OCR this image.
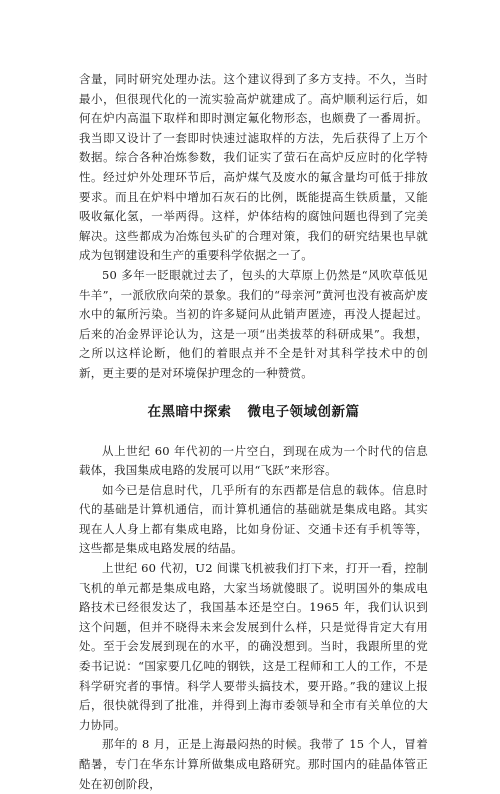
含量，同时研究处理办法。这个建议得到了多方支持。不久，当时最小，但很现代化的一流实验高炉就建成了。高炉顺利运行后，如何在炉内高温下取样和即时测定氟化物形态，也颇费了一番周折。我当即又设计了一套即时快速过滤取样的方法，先后获得了上万个数据。综合各种冶炼参数，我们证实了萤石在高炉反应时的化学特性。经过炉外处理环节后，高炉煤气及废水的氟含量均可低于排放要求。而且在炉料中增加石灰石的比例，既能提高生铁质量，又能吸收氟化氢，一举两得。这样，炉体结构的腐蚀问题也得到了完美解决。这些都成为冶炼包头矿的合理对策，我们的研究结果也早就成为包钢建设和生产的重要科学依据之一了。

50 多年一眨眼就过去了，包头的大草原上仍然是“风吹草低见牛羊”，一派欣欣向荣的景象。我们的“母亲河”黄河也没有被高炉废水中的氟所污染。当初的许多疑问从此销声匿迹，再没人提起过。后来的冶金界评论认为，这是一项“出类拔萃的科研成果”。我想，之所以这样论断，他们的着眼点并不全是针对其科学技术中的创新，更主要的是对环境保护理念的一种赞赏。

在黑暗中探索 微电子领域创新篇

从上世纪 60 年代初的一片空白，到现在成为一个时代的信息载体，我国集成电路的发展可以用“飞跃”来形容。

如今已是信息时代，几乎所有的东西都是信息的载体。信息时代的基础是计算机通信，而计算机通信的基础就是集成电路。其实现在人人身上都有集成电路，比如身份证、交通卡还有手机等等，这些都是集成电路发展的结晶。

上世纪 60 代初，U2 间谍飞机被我们打下来，打开一看，控制飞机的单元都是集成电路，大家当场就傻眼了。说明国外的集成电路技术已经很发达了，我国基本还是空白。1965 年，我们认识到这个问题，但并不晓得未来会发展到什么样，只是觉得肯定大有用处。至于会发展到现在的水平，的确没想到。当时，我跟所里的党委书记说：“国家要几亿吨的钢铁，这是工程师和工人的工作，不是科学研究者的事情。科学人要带头搞技术，要开路。”我的建议上报后，很快就得到了批准，并得到上海市委领导和全市有关单位的大力协同。

那年的 8 月，正是上海最闷热的时候。我带了 15 个人，冒着酷暑，专门在华东计算所做集成电路研究。那时国内的硅晶体管正处在初创阶段，
